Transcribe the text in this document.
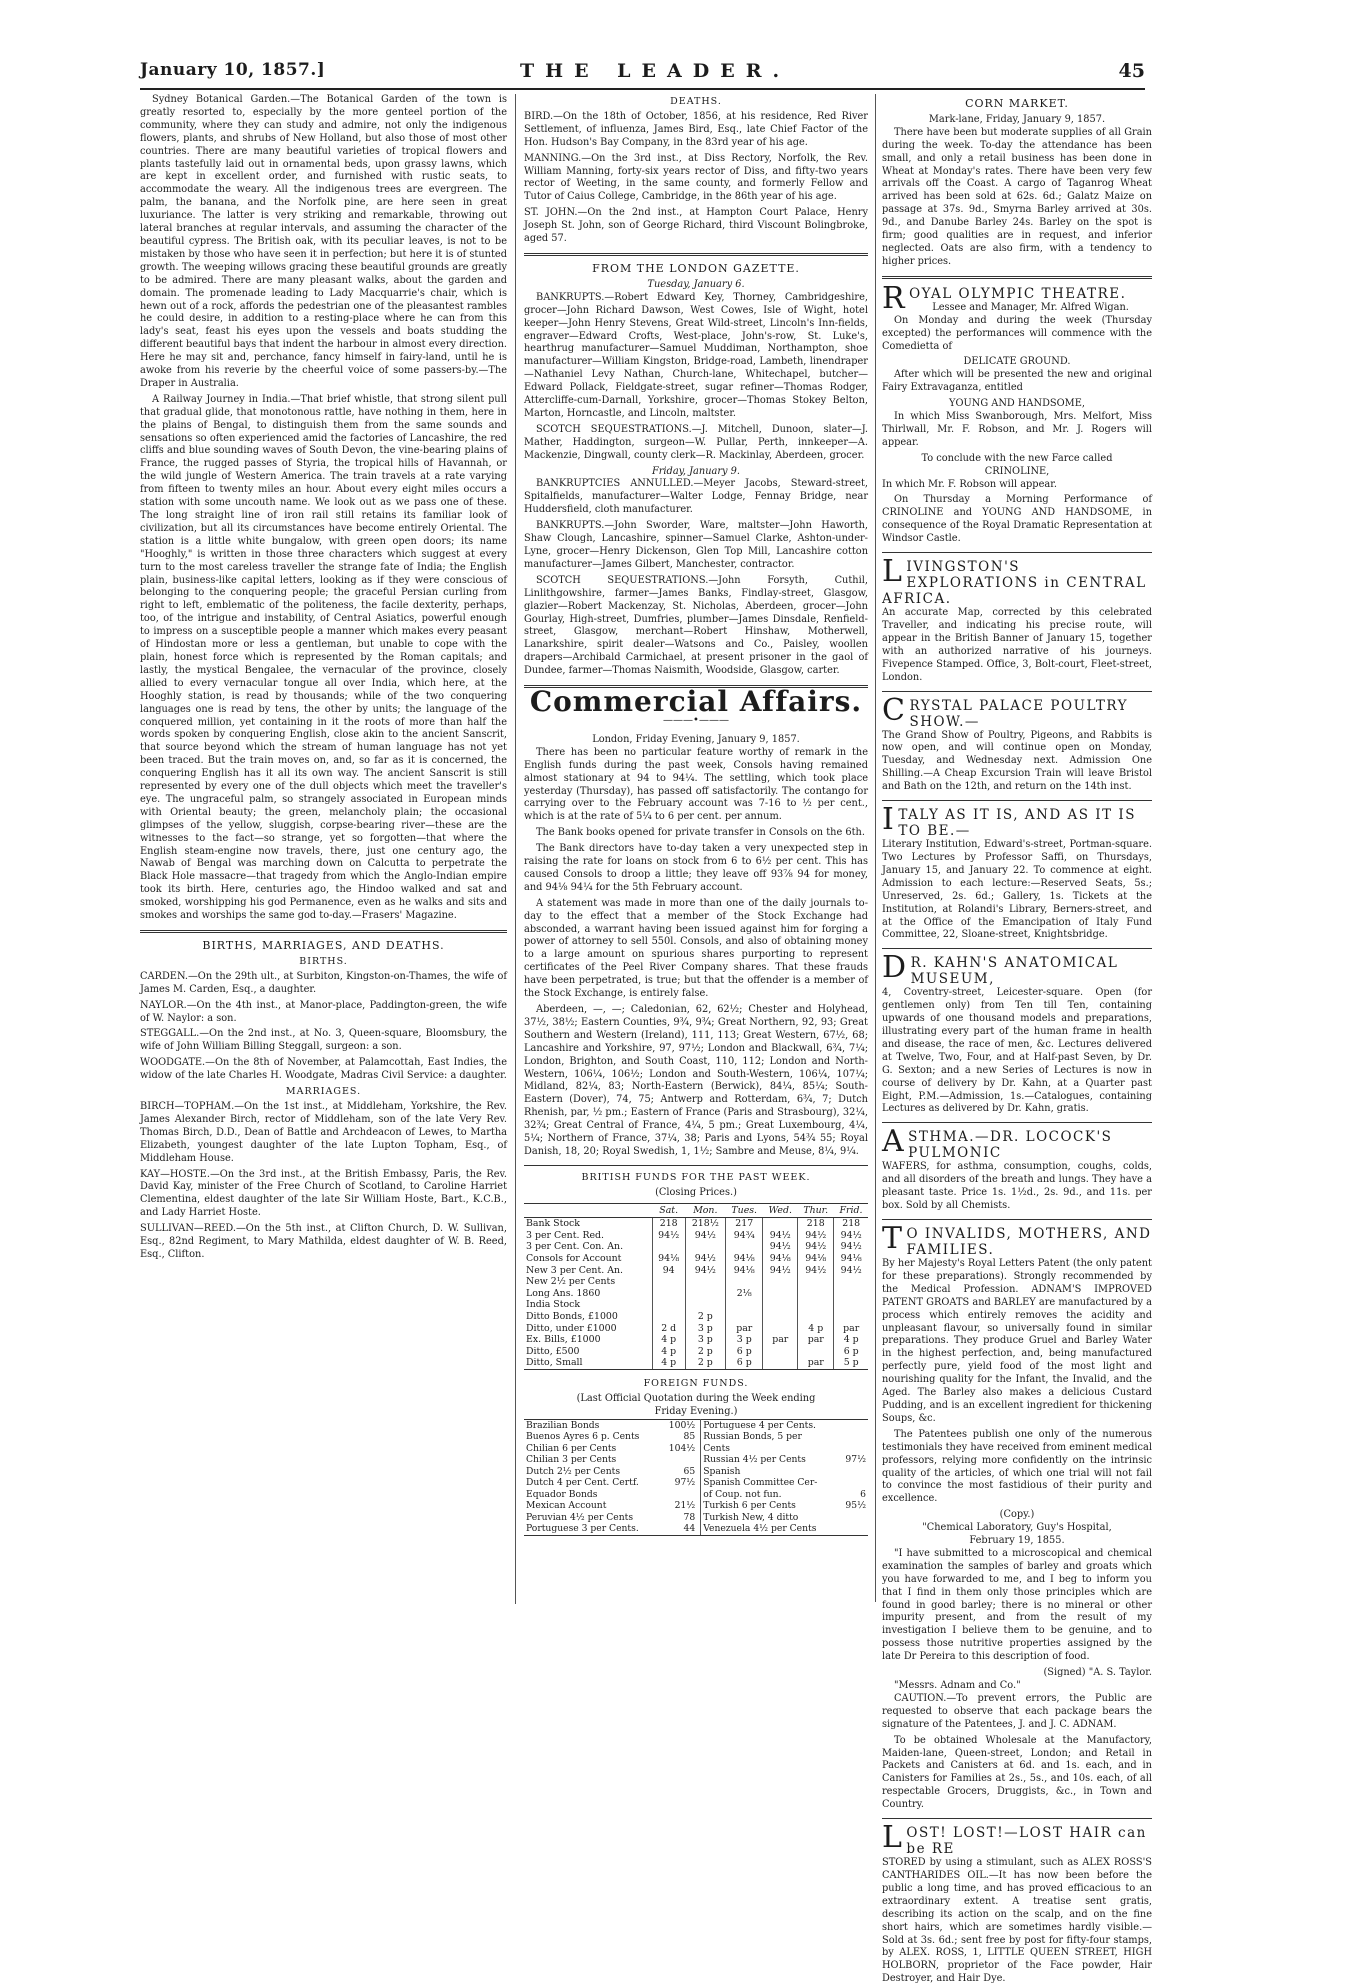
January 10, 1857.]	THE LEADER.	45

Sydney Botanical Garden.—The Botanical Garden of the town is greatly resorted to, especially by the more genteel portion of the community, where they can study and admire, not only the indigenous flowers, plants, and shrubs of New Holland, but also those of most other countries. There are many beautiful varieties of tropical flowers and plants tastefully laid out in ornamental beds, upon grassy lawns, which are kept in excellent order, and furnished with rustic seats, to accommodate the weary. All the indigenous trees are evergreen. The palm, the banana, and the Norfolk pine, are here seen in great luxuriance. The latter is very striking and remarkable, throwing out lateral branches at regular intervals, and assuming the character of the beautiful cypress. The British oak, with its peculiar leaves, is not to be mistaken by those who have seen it in perfection; but here it is of stunted growth. The weeping willows gracing these beautiful grounds are greatly to be admired. There are many pleasant walks, about the garden and domain. The promenade leading to Lady Macquarrie's chair, which is hewn out of a rock, affords the pedestrian one of the pleasantest rambles he could desire, in addition to a resting-place where he can from this lady's seat, feast his eyes upon the vessels and boats studding the different beautiful bays that indent the harbour in almost every direction. Here he may sit and, perchance, fancy himself in fairy-land, until he is awoke from his reverie by the cheerful voice of some passers-by.—The Draper in Australia.

A Railway Journey in India.—That brief whistle, that strong silent pull that gradual glide, that monotonous rattle, have nothing in them, here in the plains of Bengal, to distinguish them from the same sounds and sensations so often experienced amid the factories of Lancashire, the red cliffs and blue sounding waves of South Devon, the vine-bearing plains of France, the rugged passes of Styria, the tropical hills of Havannah, or the wild jungle of Western America. The train travels at a rate varying from fifteen to twenty miles an hour. About every eight miles occurs a station with some uncouth name. We look out as we pass one of these. The long straight line of iron rail still retains its familiar look of civilization, but all its circumstances have become entirely Oriental. The station is a little white bungalow, with green open doors; its name "Hooghly," is written in those three characters which suggest at every turn to the most careless traveller the strange fate of India; the English plain, business-like capital letters, looking as if they were conscious of belonging to the conquering people; the graceful Persian curling from right to left, emblematic of the politeness, the facile dexterity, perhaps, too, of the intrigue and instability, of Central Asiatics, powerful enough to impress on a susceptible people a manner which makes every peasant of Hindostan more or less a gentleman, but unable to cope with the plain, honest force which is represented by the Roman capitals; and lastly, the mystical Bengalee, the vernacular of the province, closely allied to every vernacular tongue all over India, which here, at the Hooghly station, is read by thousands; while of the two conquering languages one is read by tens, the other by units; the language of the conquered million, yet containing in it the roots of more than half the words spoken by conquering English, close akin to the ancient Sanscrit, that source beyond which the stream of human language has not yet been traced. But the train moves on, and, so far as it is concerned, the conquering English has it all its own way. The ancient Sanscrit is still represented by every one of the dull objects which meet the traveller's eye. The ungraceful palm, so strangely associated in European minds with Oriental beauty; the green, melancholy plain; the occasional glimpses of the yellow, sluggish, corpse-bearing river—these are the witnesses to the fact—so strange, yet so forgotten—that where the English steam-engine now travels, there, just one century ago, the Nawab of Bengal was marching down on Calcutta to perpetrate the Black Hole massacre—that tragedy from which the Anglo-Indian empire took its birth. Here, centuries ago, the Hindoo walked and sat and smoked, worshipping his god Permanence, even as he walks and sits and smokes and worships the same god to-day.—Frasers' Magazine.

BIRTHS, MARRIAGES, AND DEATHS.
BIRTHS.

CARDEN.—On the 29th ult., at Surbiton, Kingston-on-Thames, the wife of James M. Carden, Esq., a daughter.

NAYLOR.—On the 4th inst., at Manor-place, Paddington-green, the wife of W. Naylor: a son.

STEGGALL.—On the 2nd inst., at No. 3, Queen-square, Bloomsbury, the wife of John William Billing Steggall, surgeon: a son.

WOODGATE.—On the 8th of November, at Palamcottah, East Indies, the widow of the late Charles H. Woodgate, Madras Civil Service: a daughter.

MARRIAGES.

BIRCH—TOPHAM.—On the 1st inst., at Middleham, Yorkshire, the Rev. James Alexander Birch, rector of Middleham, son of the late Very Rev. Thomas Birch, D.D., Dean of Battle and Archdeacon of Lewes, to Martha Elizabeth, youngest daughter of the late Lupton Topham, Esq., of Middleham House.

KAY—HOSTE.—On the 3rd inst., at the British Embassy, Paris, the Rev. David Kay, minister of the Free Church of Scotland, to Caroline Harriet Clementina, eldest daughter of the late Sir William Hoste, Bart., K.C.B., and Lady Harriet Hoste.

SULLIVAN—REED.—On the 5th inst., at Clifton Church, D. W. Sullivan, Esq., 82nd Regiment, to Mary Mathilda, eldest daughter of W. B. Reed, Esq., Clifton.

DEATHS.

BIRD.—On the 18th of October, 1856, at his residence, Red River Settlement, of influenza, James Bird, Esq., late Chief Factor of the Hon. Hudson's Bay Company, in the 83rd year of his age.

MANNING.—On the 3rd inst., at Diss Rectory, Norfolk, the Rev. William Manning, forty-six years rector of Diss, and fifty-two years rector of Weeting, in the same county, and formerly Fellow and Tutor of Caius College, Cambridge, in the 86th year of his age.

ST. JOHN.—On the 2nd inst., at Hampton Court Palace, Henry Joseph St. John, son of George Richard, third Viscount Bolingbroke, aged 57.

FROM THE LONDON GAZETTE.
Tuesday, January 6.

BANKRUPTS.—Robert Edward Key, Thorney, Cambridgeshire, grocer—John Richard Dawson, West Cowes, Isle of Wight, hotel keeper—John Henry Stevens, Great Wild-street, Lincoln's Inn-fields, engraver—Edward Crofts, West-place, John's-row, St. Luke's, hearthrug manufacturer—Samuel Muddiman, Northampton, shoe manufacturer—William Kingston, Bridge-road, Lambeth, linendraper—Nathaniel Levy Nathan, Church-lane, Whitechapel, butcher—Edward Pollack, Fieldgate-street, sugar refiner—Thomas Rodger, Attercliffe-cum-Darnall, Yorkshire, grocer—Thomas Stokey Belton, Marton, Horncastle, and Lincoln, maltster.

SCOTCH SEQUESTRATIONS.—J. Mitchell, Dunoon, slater—J. Mather, Haddington, surgeon—W. Pullar, Perth, innkeeper—A. Mackenzie, Dingwall, county clerk—R. Mackinlay, Aberdeen, grocer.

Friday, January 9.

BANKRUPTCIES ANNULLED.—Meyer Jacobs, Steward-street, Spitalfields, manufacturer—Walter Lodge, Fennay Bridge, near Huddersfield, cloth manufacturer.

BANKRUPTS.—John Sworder, Ware, maltster—John Haworth, Shaw Clough, Lancashire, spinner—Samuel Clarke, Ashton-under-Lyne, grocer—Henry Dickenson, Glen Top Mill, Lancashire cotton manufacturer—James Gilbert, Manchester, contractor.

SCOTCH SEQUESTRATIONS.—John Forsyth, Cuthil, Linlithgowshire, farmer—James Banks, Findlay-street, Glasgow, glazier—Robert Mackenzay, St. Nicholas, Aberdeen, grocer—John Gourlay, High-street, Dumfries, plumber—James Dinsdale, Renfield-street, Glasgow, merchant—Robert Hinshaw, Motherwell, Lanarkshire, spirit dealer—Watsons and Co., Paisley, woollen drapers—Archibald Carmichael, at present prisoner in the gaol of Dundee, farmer—Thomas Naismith, Woodside, Glasgow, carter.

Commercial Affairs.
———•———
London, Friday Evening, January 9, 1857.

There has been no particular feature worthy of remark in the English funds during the past week, Consols having remained almost stationary at 94 to 94¼. The settling, which took place yesterday (Thursday), has passed off satisfactorily. The contango for carrying over to the February account was 7-16 to ½ per cent., which is at the rate of 5¼ to 6 per cent. per annum.

The Bank books opened for private transfer in Consols on the 6th.

The Bank directors have to-day taken a very unexpected step in raising the rate for loans on stock from 6 to 6½ per cent. This has caused Consols to droop a little; they leave off 93⅞ 94 for money, and 94⅛ 94¼ for the 5th February account.

A statement was made in more than one of the daily journals to-day to the effect that a member of the Stock Exchange had absconded, a warrant having been issued against him for forging a power of attorney to sell 550l. Consols, and also of obtaining money to a large amount on spurious shares purporting to represent certificates of the Peel River Company shares. That these frauds have been perpetrated, is true; but that the offender is a member of the Stock Exchange, is entirely false.

Aberdeen, —, —; Caledonian, 62, 62½; Chester and Holyhead, 37½, 38½; Eastern Counties, 9¾, 9¾; Great Northern, 92, 93; Great Southern and Western (Ireland), 111, 113; Great Western, 67½, 68; Lancashire and Yorkshire, 97, 97½; London and Blackwall, 6¾, 7¼; London, Brighton, and South Coast, 110, 112; London and North-Western, 106¼, 106½; London and South-Western, 106¼, 107¼; Midland, 82¼, 83; North-Eastern (Berwick), 84¼, 85¼; South-Eastern (Dover), 74, 75; Antwerp and Rotterdam, 6¾, 7; Dutch Rhenish, par, ½ pm.; Eastern of France (Paris and Strasbourg), 32¼, 32¾; Great Central of France, 4¼, 5 pm.; Great Luxembourg, 4¼, 5¼; Northern of France, 37¼, 38; Paris and Lyons, 54¾ 55; Royal Danish, 18, 20; Royal Swedish, 1, 1½; Sambre and Meuse, 8¼, 9¼.

BRITISH FUNDS FOR THE PAST WEEK.
(Closing Prices.)
	Sat.	Mon.	Tues.	Wed.	Thur.	Frid.
Bank Stock	218	218½	217		218	218
3 per Cent. Red.	94½	94½	94¾	94½	94½	94½
3 per Cent. Con. An.				94½	94½	94½
Consols for Account	94⅛	94½	94⅛	94⅛	94⅛	94⅛
New 3 per Cent. An.	94	94½	94⅛	94½	94½	94½
New 2½ per Cents						
Long Ans. 1860			2⅛			
India Stock						
Ditto Bonds, £1000		2 p				
Ditto, under £1000	2 d	3 p	par		4 p	par
Ex. Bills, £1000	4 p	3 p	3 p	par	par	4 p
Ditto, £500	4 p	2 p	6 p			6 p
Ditto, Small	4 p	2 p	6 p		par	5 p
FOREIGN FUNDS.
(Last Official Quotation during the Week ending
Friday Evening.)
Brazilian Bonds	100½	Portuguese 4 per Cents.	
Buenos Ayres 6 p. Cents	85	Russian Bonds, 5 per	
Chilian 6 per Cents	104½	Cents	
Chilian 3 per Cents		Russian 4½ per Cents	97½
Dutch 2½ per Cents	65	Spanish	
Dutch 4 per Cent. Certf.	97½	Spanish Committee Cer-	
Equador Bonds		of Coup. not fun.	6
Mexican Account	21½	Turkish 6 per Cents	95½
Peruvian 4½ per Cents	78	Turkish New, 4 ditto	
Portuguese 3 per Cents.	44	Venezuela 4½ per Cents	
CORN MARKET.
Mark-lane, Friday, January 9, 1857.

There have been but moderate supplies of all Grain during the week. To-day the attendance has been small, and only a retail business has been done in Wheat at Monday's rates. There have been very few arrivals off the Coast. A cargo of Taganrog Wheat arrived has been sold at 62s. 6d.; Galatz Maize on passage at 37s. 9d., Smyrna Barley arrived at 30s. 9d., and Danube Barley 24s. Barley on the spot is firm; good qualities are in request, and inferior neglected. Oats are also firm, with a tendency to higher prices.

ROYAL OLYMPIC THEATRE.
Lessee and Manager, Mr. Alfred Wigan.

On Monday and during the week (Thursday excepted) the performances will commence with the Comedietta of

DELICATE GROUND.

After which will be presented the new and original Fairy Extravaganza, entitled

YOUNG AND HANDSOME,

In which Miss Swanborough, Mrs. Melfort, Miss Thirlwall, Mr. F. Robson, and Mr. J. Rogers will appear.

To conclude with the new Farce called
CRINOLINE,

In which Mr. F. Robson will appear.

On Thursday a Morning Performance of CRINOLINE and YOUNG AND HANDSOME, in consequence of the Royal Dramatic Representation at Windsor Castle.

LIVINGSTON'S EXPLORATIONS in CENTRAL AFRICA.

An accurate Map, corrected by this celebrated Traveller, and indicating his precise route, will appear in the British Banner of January 15, together with an authorized narrative of his journeys. Fivepence Stamped. Office, 3, Bolt-court, Fleet-street, London.

CRYSTAL PALACE POULTRY SHOW.—

The Grand Show of Poultry, Pigeons, and Rabbits is now open, and will continue open on Monday, Tuesday, and Wednesday next. Admission One Shilling.—A Cheap Excursion Train will leave Bristol and Bath on the 12th, and return on the 14th inst.

ITALY AS IT IS, AND AS IT IS TO BE.—

Literary Institution, Edward's-street, Portman-square. Two Lectures by Professor Saffi, on Thursdays, January 15, and January 22. To commence at eight. Admission to each lecture:—Reserved Seats, 5s.; Unreserved, 2s. 6d.; Gallery, 1s. Tickets at the Institution, at Rolandi's Library, Berners-street, and at the Office of the Emancipation of Italy Fund Committee, 22, Sloane-street, Knightsbridge.

D R. KAHN'S ANATOMICAL MUSEUM,

4, Coventry-street, Leicester-square. Open (for gentlemen only) from Ten till Ten, containing upwards of one thousand models and preparations, illustrating every part of the human frame in health and disease, the race of men, &c. Lectures delivered at Twelve, Two, Four, and at Half-past Seven, by Dr. G. Sexton; and a new Series of Lectures is now in course of delivery by Dr. Kahn, at a Quarter past Eight, P.M.—Admission, 1s.—Catalogues, containing Lectures as delivered by Dr. Kahn, gratis.

ASTHMA.—DR. LOCOCK'S PULMONIC

WAFERS, for asthma, consumption, coughs, colds, and all disorders of the breath and lungs. They have a pleasant taste. Price 1s. 1½d., 2s. 9d., and 11s. per box. Sold by all Chemists.

T O INVALIDS, MOTHERS, AND FAMILIES.

By her Majesty's Royal Letters Patent (the only patent for these preparations). Strongly recommended by the Medical Profession. ADNAM'S IMPROVED PATENT GROATS and BARLEY are manufactured by a process which entirely removes the acidity and unpleasant flavour, so universally found in similar preparations. They produce Gruel and Barley Water in the highest perfection, and, being manufactured perfectly pure, yield food of the most light and nourishing quality for the Infant, the Invalid, and the Aged. The Barley also makes a delicious Custard Pudding, and is an excellent ingredient for thickening Soups, &c.

The Patentees publish one only of the numerous testimonials they have received from eminent medical professors, relying more confidently on the intrinsic quality of the articles, of which one trial will not fail to convince the most fastidious of their purity and excellence.

(Copy.)
"Chemical Laboratory, Guy's Hospital,
February 19, 1855.

"I have submitted to a microscopical and chemical examination the samples of barley and groats which you have forwarded to me, and I beg to inform you that I find in them only those principles which are found in good barley; there is no mineral or other impurity present, and from the result of my investigation I believe them to be genuine, and to possess those nutritive properties assigned by the late Dr Pereira to this description of food.

(Signed) "A. S. Taylor.
"Messrs. Adnam and Co."

CAUTION.—To prevent errors, the Public are requested to observe that each package bears the signature of the Patentees, J. and J. C. ADNAM.

To be obtained Wholesale at the Manufactory, Maiden-lane, Queen-street, London; and Retail in Packets and Canisters at 6d. and 1s. each, and in Canisters for Families at 2s., 5s., and 10s. each, of all respectable Grocers, Druggists, &c., in Town and Country.

LOST! LOST!—LOST HAIR can be RE

STORED by using a stimulant, such as ALEX ROSS'S CANTHARIDES OIL.—It has now been before the public a long time, and has proved efficacious to an extraordinary extent. A treatise sent gratis, describing its action on the scalp, and on the fine short hairs, which are sometimes hardly visible.—Sold at 3s. 6d.; sent free by post for fifty-four stamps, by ALEX. ROSS, 1, LITTLE QUEEN STREET, HIGH HOLBORN, proprietor of the Face powder, Hair Destroyer, and Hair Dye.
